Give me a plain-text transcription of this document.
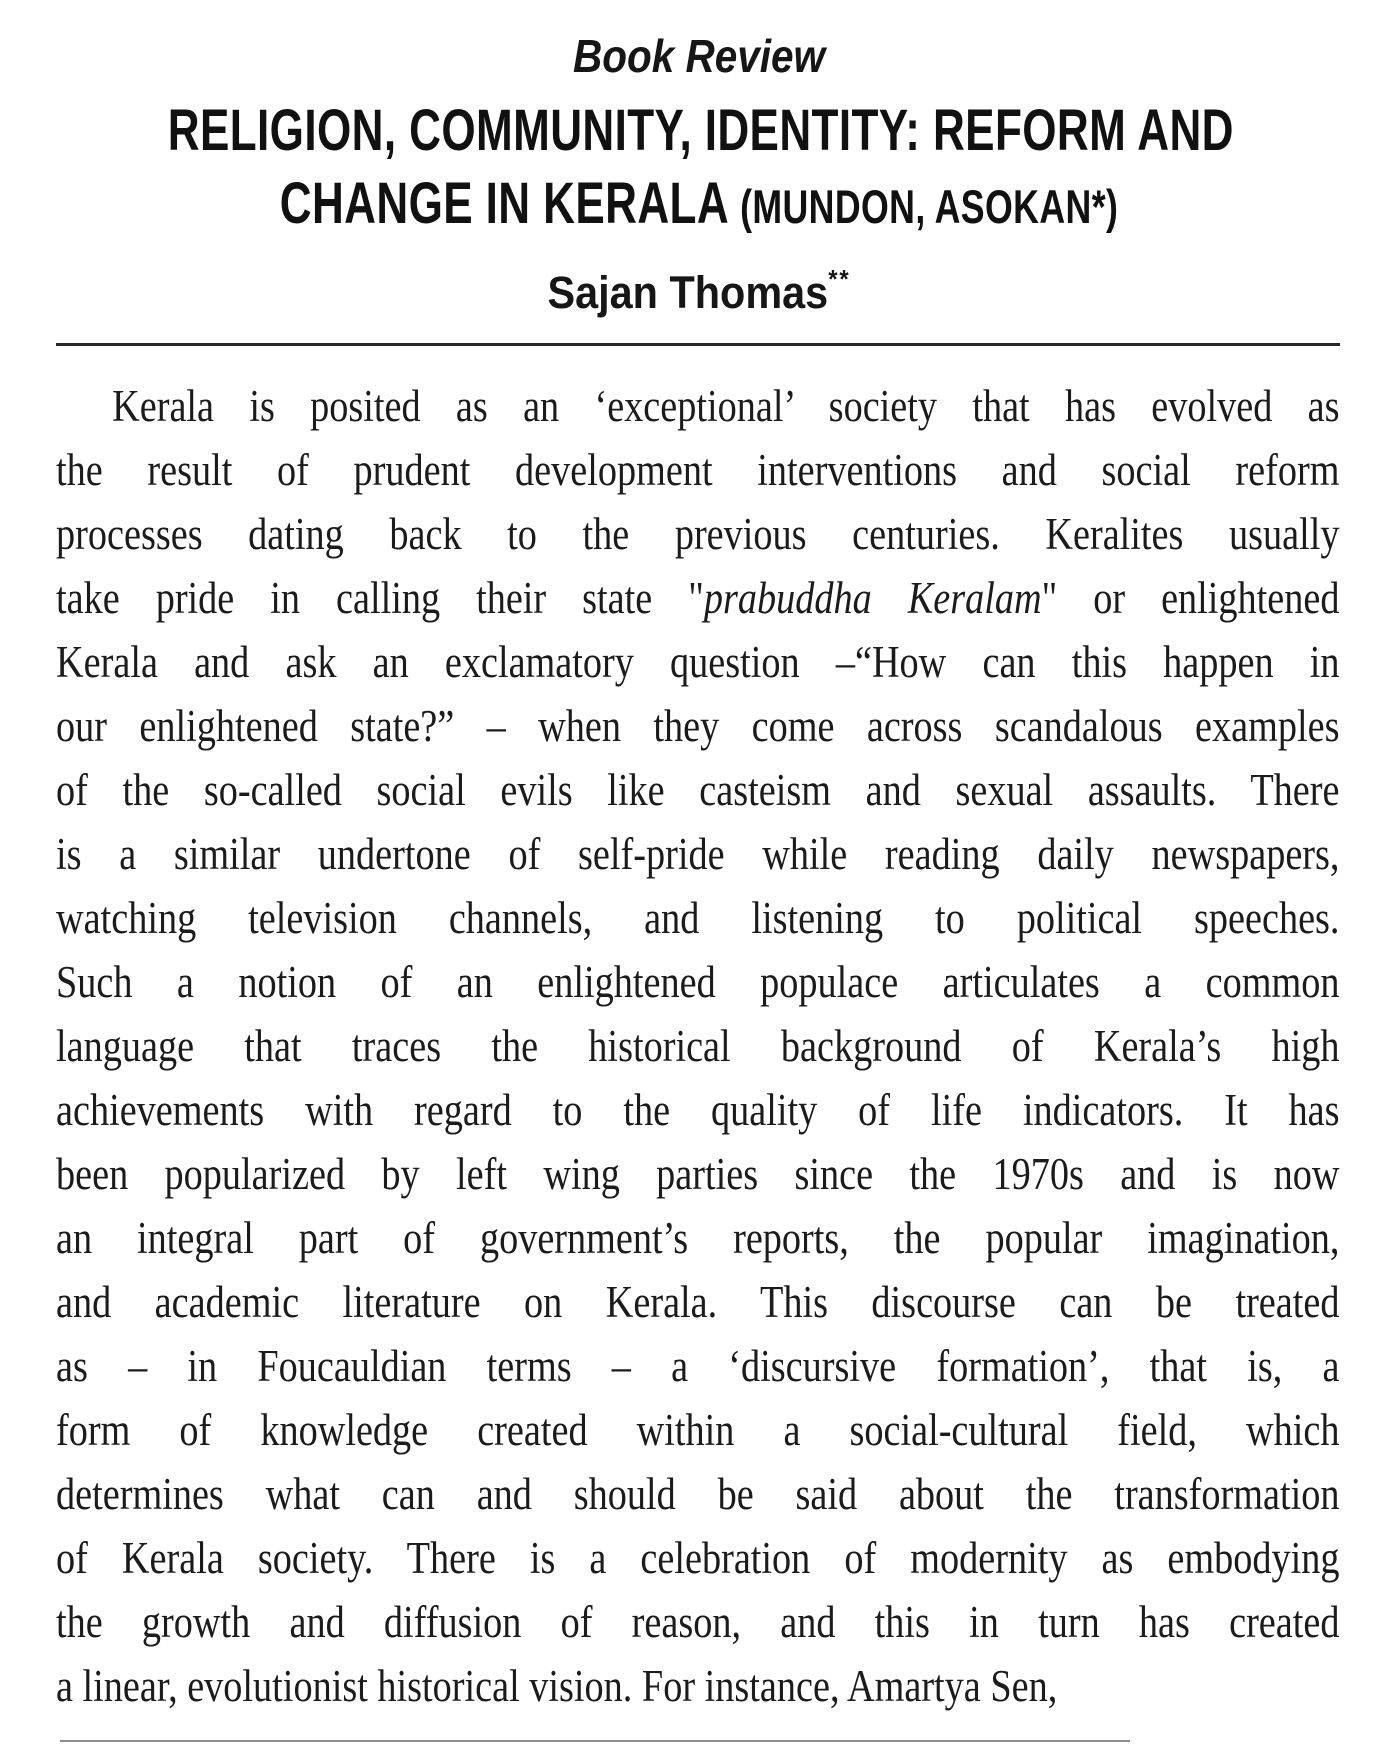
Book Review
RELIGION, COMMUNITY, IDENTITY: REFORM AND
CHANGE IN KERALA (MUNDON, ASOKAN*)
Sajan Thomas**
Kerala is posited as an ‘exceptional’ society that has evolved as
the result of prudent development interventions and social reform
processes dating back to the previous centuries. Keralites usually
take pride in calling their state "prabuddha Keralam" or enlightened
Kerala and ask an exclamatory question –“How can this happen in
our enlightened state?” – when they come across scandalous examples
of the so-called social evils like casteism and sexual assaults. There
is a similar undertone of self-pride while reading daily newspapers,
watching television channels, and listening to political speeches.
Such a notion of an enlightened populace articulates a common
language that traces the historical background of Kerala’s high
achievements with regard to the quality of life indicators. It has
been popularized by left wing parties since the 1970s and is now
an integral part of government’s reports, the popular imagination,
and academic literature on Kerala. This discourse can be treated
as – in Foucauldian terms – a ‘discursive formation’, that is, a
form of knowledge created within a social-cultural field, which
determines what can and should be said about the transformation
of Kerala society. There is a celebration of modernity as embodying
the growth and diffusion of reason, and this in turn has created
a linear, evolutionist historical vision. For instance, Amartya Sen,
